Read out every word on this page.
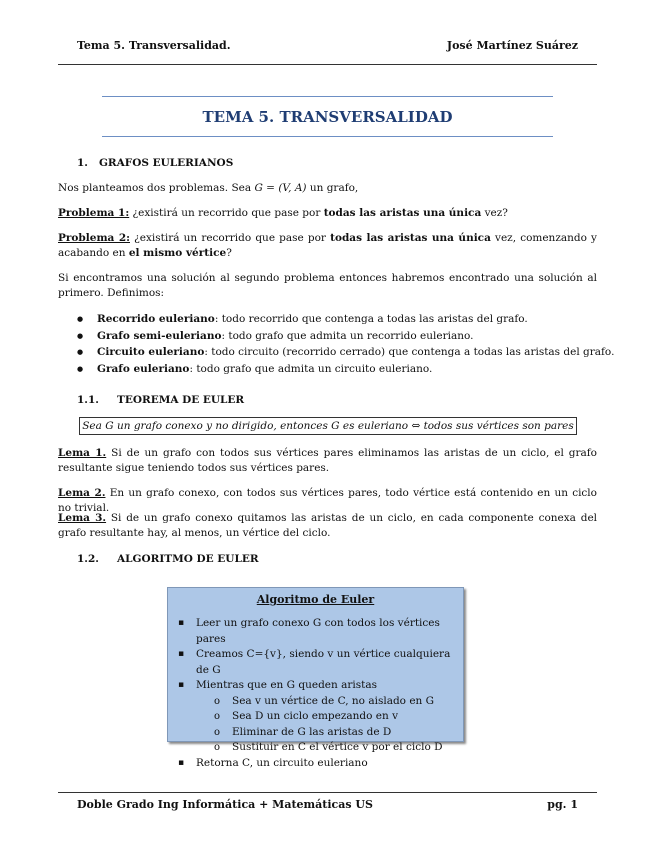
Tema 5. Transversalidad.	José Martínez Suárez
TEMA 5. TRANSVERSALIDAD
1. GRAFOS EULERIANOS
Nos planteamos dos problemas. Sea G = (V, A) un grafo,
Problema 1: ¿existirá un recorrido que pase por todas las aristas una única vez?
Problema 2: ¿existirá un recorrido que pase por todas las aristas una única vez, comenzando y acabando en el mismo vértice?
Si encontramos una solución al segundo problema entonces habremos encontrado una solución al primero. Definimos:
● Recorrido euleriano: todo recorrido que contenga a todas las aristas del grafo.
● Grafo semi-euleriano: todo grafo que admita un recorrido euleriano.
● Circuito euleriano: todo circuito (recorrido cerrado) que contenga a todas las aristas del grafo.
● Grafo euleriano: todo grafo que admita un circuito euleriano.
1.1. TEOREMA DE EULER
Sea G un grafo conexo y no dirigido, entonces G es euleriano ⇔ todos sus vértices son pares
Lema 1. Si de un grafo con todos sus vértices pares eliminamos las aristas de un ciclo, el grafo resultante sigue teniendo todos sus vértices pares.
Lema 2. En un grafo conexo, con todos sus vértices pares, todo vértice está contenido en un ciclo no trivial.
Lema 3. Si de un grafo conexo quitamos las aristas de un ciclo, en cada componente conexa del grafo resultante hay, al menos, un vértice del ciclo.
1.2. ALGORITMO DE EULER
Algoritmo de Euler
▪ Leer un grafo conexo G con todos los vértices pares
▪ Creamos C={v}, siendo v un vértice cualquiera de G
▪ Mientras que en G queden aristas
o Sea v un vértice de C, no aislado en G
o Sea D un ciclo empezando en v
o Eliminar de G las aristas de D
o Sustituir en C el vértice v por el ciclo D
▪ Retorna C, un circuito euleriano
Doble Grado Ing Informática + Matemáticas US	pg. 1
